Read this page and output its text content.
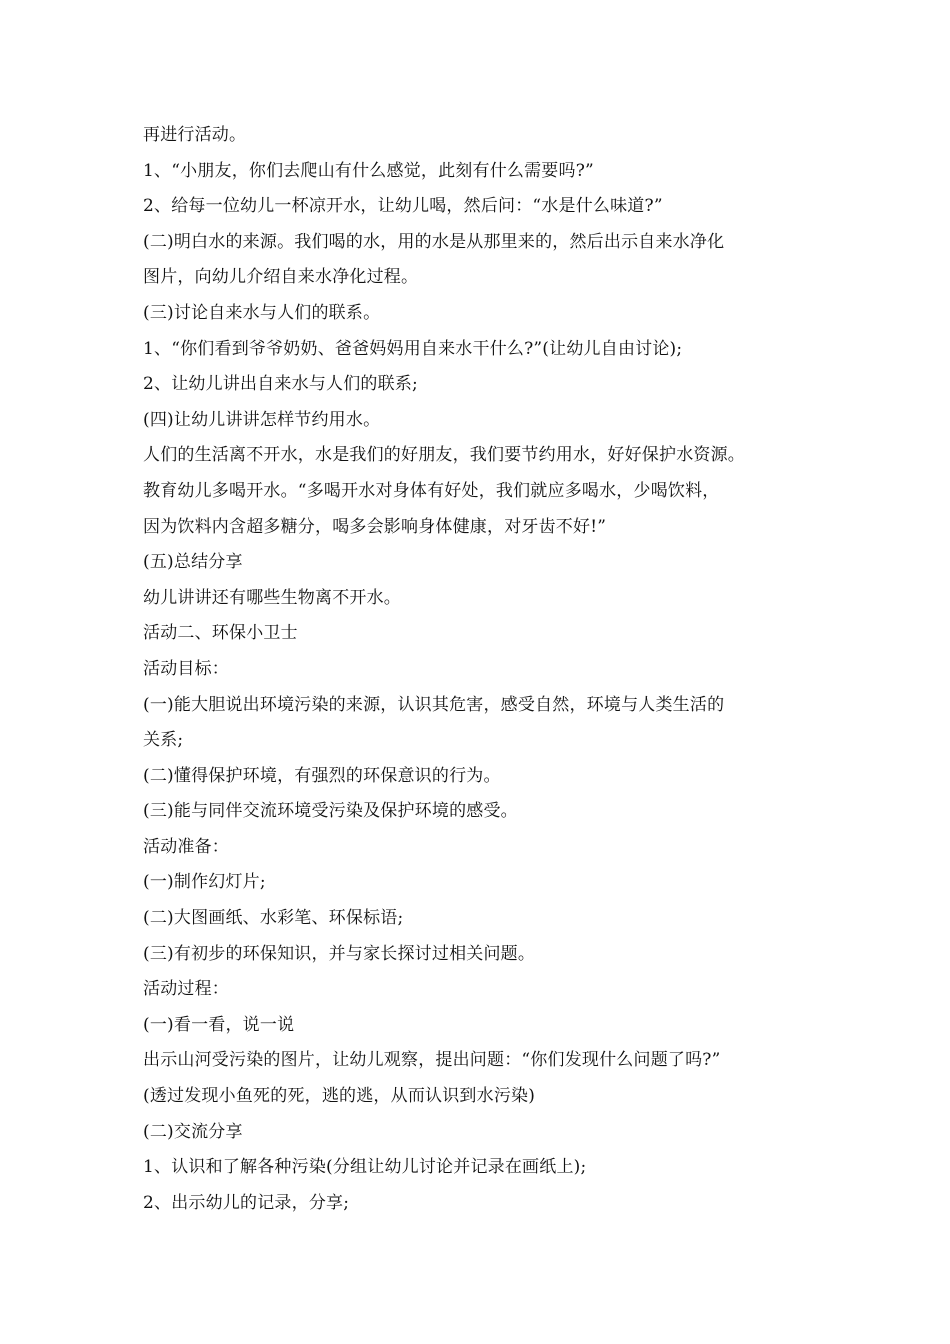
再进行活动。
1、“小朋友，你们去爬山有什么感觉，此刻有什么需要吗?”
2、给每一位幼儿一杯凉开水，让幼儿喝，然后问：“水是什么味道?”
(二)明白水的来源。我们喝的水，用的水是从那里来的，然后出示自来水净化
图片，向幼儿介绍自来水净化过程。
(三)讨论自来水与人们的联系。
1、“你们看到爷爷奶奶、爸爸妈妈用自来水干什么?”(让幼儿自由讨论);
2、让幼儿讲出自来水与人们的联系;
(四)让幼儿讲讲怎样节约用水。
人们的生活离不开水，水是我们的好朋友，我们要节约用水，好好保护水资源。
教育幼儿多喝开水。“多喝开水对身体有好处，我们就应多喝水，少喝饮料，
因为饮料内含超多糖分，喝多会影响身体健康，对牙齿不好!”
(五)总结分享
幼儿讲讲还有哪些生物离不开水。
活动二、环保小卫士
活动目标：
(一)能大胆说出环境污染的来源，认识其危害，感受自然，环境与人类生活的
关系;
(二)懂得保护环境，有强烈的环保意识的行为。
(三)能与同伴交流环境受污染及保护环境的感受。
活动准备：
(一)制作幻灯片;
(二)大图画纸、水彩笔、环保标语;
(三)有初步的环保知识，并与家长探讨过相关问题。
活动过程：
(一)看一看，说一说
出示山河受污染的图片，让幼儿观察，提出问题：“你们发现什么问题了吗?”
(透过发现小鱼死的死，逃的逃，从而认识到水污染)
(二)交流分享
1、认识和了解各种污染(分组让幼儿讨论并记录在画纸上);
2、出示幼儿的记录，分享;
